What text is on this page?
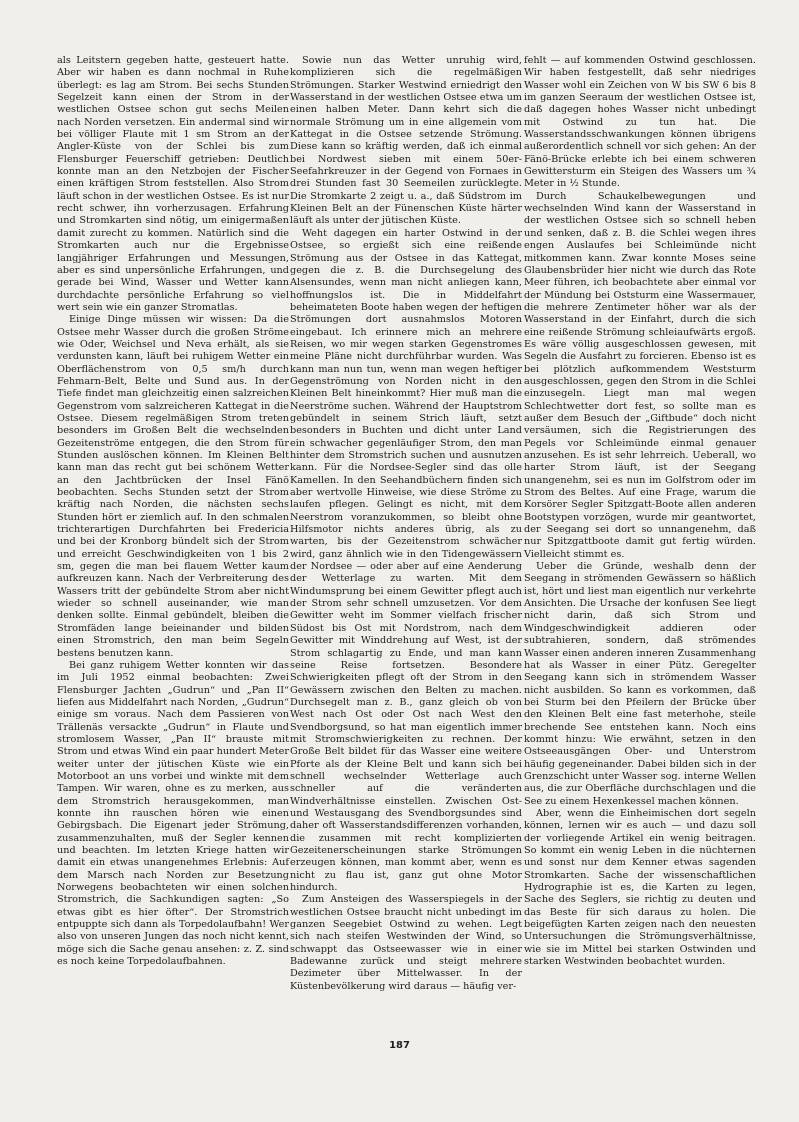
als Leitstern gegeben hatte, gesteuert hatte. Aber wir haben es dann nochmal in Ruhe überlegt: es lag am Strom. Bei sechs Stunden Segelzeit kann einen der Strom in der westlichen Ostsee schon gut sechs Meilen nach Norden versetzen. Ein andermal sind wir bei völliger Flaute mit 1 sm Strom an der Angler-Küste von der Schlei bis zum Flensburger Feuerschiff getrieben: Deutlich konnte man an den Netzbojen der Fischer einen kräftigen Strom feststellen. Also Strom läuft schon in der westlichen Ostsee. Es ist nur recht schwer, ihn vorherzusagen. Erfahrung und Stromkarten sind nötig, um einigermaßen damit zurecht zu kommen. Natürlich sind die Stromkarten auch nur die Ergebnisse langjähriger Erfahrungen und Messungen, aber es sind unpersönliche Erfahrungen, und gerade bei Wind, Wasser und Wetter kann durchdachte persönliche Erfahrung so viel wert sein wie ein ganzer Stromatlas.

Einige Dinge müssen wir wissen: Da die Ostsee mehr Wasser durch die großen Ströme wie Oder, Weichsel und Neva erhält, als sie verdunsten kann, läuft bei ruhigem Wetter ein Oberflächenstrom von 0,5 sm/h durch Fehmarn-Belt, Belte und Sund aus. In der Tiefe findet man gleichzeitig einen salzreichen Gegenstrom vom salzreicheren Kattegat in die Ostsee. Diesem regelmäßigen Strom treten besonders im Großen Belt die wechselnden Gezeitenströme entgegen, die den Strom für Stunden auslöschen können. Im Kleinen Belt kann man das recht gut bei schönem Wetter an den Jachtbrücken der Insel Fänö beobachten. Sechs Stunden setzt der Strom kräftig nach Norden, die nächsten sechs Stunden hört er ziemlich auf. In den schmalen trichterartigen Durchfahrten bei Fredericia und bei der Kronborg bündelt sich der Strom und erreicht Geschwindigkeiten von 1 bis 2 sm, gegen die man bei flauem Wetter kaum aufkreuzen kann. Nach der Verbreiterung des Wassers tritt der gebündelte Strom aber nicht wieder so schnell auseinander, wie man denken sollte. Einmal gebündelt, bleiben die Stromfäden lange beieinander und bilden einen Stromstrich, den man beim Segeln bestens benutzen kann.

Bei ganz ruhigem Wetter konnten wir das im Juli 1952 einmal beobachten: Zwei Flensburger Jachten „Gudrun“ und „Pan II“ liefen aus Middelfahrt nach Norden, „Gudrun“ einige sm voraus. Nach dem Passieren von Trällenäs versackte „Gudrun“ in Flaute und stromlosem Wasser, „Pan II“ brauste mit Strom und etwas Wind ein paar hundert Meter weiter unter der jütischen Küste wie ein Motorboot an uns vorbei und winkte mit dem Tampen. Wir waren, ohne es zu merken, aus dem Stromstrich herausgekommen, man konnte ihn rauschen hören wie einen Gebirgsbach. Die Eigenart jeder Strömung, zusammenzuhalten, muß der Segler kennen und beachten. Im letzten Kriege hatten wir damit ein etwas unangenehmes Erlebnis: Auf dem Marsch nach Norden zur Besetzung Norwegens beobachteten wir einen solchen Stromstrich, die Sachkundigen sagten: „So etwas gibt es hier öfter“. Der Stromstrich entpuppte sich dann als Torpedolaufbahn! Wer also von unseren Jungen das noch nicht kennt, möge sich die Sache genau ansehen: z. Z. sind es noch keine Torpedolaufbahnen.

Sowie nun das Wetter unruhig wird, komplizieren sich die regelmäßigen Strömungen. Starker Westwind erniedrigt den Wasserstand in der westlichen Ostsee etwa um einen halben Meter. Dann kehrt sich die normale Strömung um in eine allgemein vom Kattegat in die Ostsee setzende Strömung. Diese kann so kräftig werden, daß ich einmal bei Nordwest sieben mit einem 50er-Seefahrkreuzer in der Gegend von Fornaes in drei Stunden fast 30 Seemeilen zurücklegte. Die Stromkarte 2 zeigt u. a., daß Südstrom im Kleinen Belt an der Fünenschen Küste härter läuft als unter der jütischen Küste.

Weht dagegen ein harter Ostwind in der Ostsee, so ergießt sich eine reißende Strömung aus der Ostsee in das Kattegat, gegen die z. B. die Durchsegelung des Alsensundes, wenn man nicht anliegen kann, hoffnungslos ist. Die in Middelfahrt beheimateten Boote haben wegen der heftigen Strömungen dort ausnahmslos Motoren eingebaut. Ich erinnere mich an mehrere Reisen, wo mir wegen starken Gegenstromes meine Pläne nicht durchführbar wurden. Was kann man nun tun, wenn man wegen heftiger Gegenströmung von Norden nicht in den Kleinen Belt hineinkommt? Hier muß man die Neerströme suchen. Während der Hauptstrom gebündelt in seinem Strich läuft, setzt besonders in Buchten und dicht unter Land ein schwacher gegenläufiger Strom, den man hinter dem Stromstrich suchen und ausnutzen kann. Für die Nordsee-Segler sind das olle Kamellen. In den Seehandbüchern finden sich aber wertvolle Hinweise, wie diese Ströme zu laufen pflegen. Gelingt es nicht, mit dem Neerstrom voranzukommen, so bleibt ohne Hilfsmotor nichts anderes übrig, als zu warten, bis der Gezeitenstrom schwächer wird, ganz ähnlich wie in den Tidengewässern der Nordsee — oder aber auf eine Aenderung der Wetterlage zu warten. Mit dem Windumsprung bei einem Gewitter pflegt auch der Strom sehr schnell umzusetzen. Vor dem Gewitter weht im Sommer vielfach frischer Südost bis Ost mit Nordstrom, nach dem Gewitter mit Winddrehung auf West, ist der Strom schlagartig zu Ende, und man kann seine Reise fortsetzen. Besondere Schwierigkeiten pflegt oft der Strom in den Gewässern zwischen den Belten zu machen. Durchsegelt man z. B., ganz gleich ob von West nach Ost oder Ost nach West den Svendborgsund, so hat man eigentlich immer mit Stromschwierigkeiten zu rechnen. Der Große Belt bildet für das Wasser eine weitere Pforte als der Kleine Belt und kann sich bei schnell wechselnder Wetterlage auch schneller auf die veränderten Windverhältnisse einstellen. Zwischen Ost- und Westausgang des Svendborgsundes sind daher oft Wasserstandsdifferenzen vorhanden, die zusammen mit recht komplizierten Gezeitenerscheinungen starke Strömungen erzeugen können, man kommt aber, wenn es nicht zu flau ist, ganz gut ohne Motor hindurch.

Zum Ansteigen des Wasserspiegels in der westlichen Ostsee braucht nicht unbedingt im ganzen Seegebiet Ostwind zu wehen. Legt sich nach steifen Westwinden der Wind, so schwappt das Ostseewasser wie in einer Badewanne zurück und steigt mehrere Dezimeter über Mittelwasser. In der Küstenbevölkerung wird daraus — häufig ver-

fehlt — auf kommenden Ostwind geschlossen. Wir haben festgestellt, daß sehr niedriges Wasser wohl ein Zeichen von W bis SW 6 bis 8 im ganzen Seeraum der westlichen Ostsee ist, daß dagegen hohes Wasser nicht unbedingt mit Ostwind zu tun hat. Die Wasserstandsschwankungen können übrigens außerordentlich schnell vor sich gehen: An der Fänö-Brücke erlebte ich bei einem schweren Gewittersturm ein Steigen des Wassers um ¾ Meter in ½ Stunde.

Durch Schaukelbewegungen und wechselnden Wind kann der Wasserstand in der westlichen Ostsee sich so schnell heben und senken, daß z. B. die Schlei wegen ihres engen Auslaufes bei Schleimünde nicht mitkommen kann. Zwar konnte Moses seine Glaubensbrüder hier nicht wie durch das Rote Meer führen, ich beobachtete aber einmal vor der Mündung bei Oststurm eine Wassermauer, die mehrere Zentimeter höher war als der Wasserstand in der Einfahrt, durch die sich eine reißende Strömung schleiaufwärts ergoß. Es wäre völlig ausgeschlossen gewesen, mit Segeln die Ausfahrt zu forcieren. Ebenso ist es bei plötzlich aufkommendem Weststurm ausgeschlossen, gegen den Strom in die Schlei einzusegeln. Liegt man mal wegen Schlechtwetter dort fest, so sollte man es außer dem Besuch der „Giftbude“ doch nicht versäumen, sich die Registrierungen des Pegels vor Schleimünde einmal genauer anzusehen. Es ist sehr lehrreich. Ueberall, wo harter Strom läuft, ist der Seegang unangenehm, sei es nun im Golfstrom oder im Strom des Beltes. Auf eine Frage, warum die Korsörer Segler Spitzgatt-Boote allen anderen Bootstypen vorzögen, wurde mir geantwortet, der Seegang sei dort so unnangenehm, daß nur Spitzgattboote damit gut fertig würden. Vielleicht stimmt es.

Ueber die Gründe, weshalb denn der Seegang in strömenden Gewässern so häßlich ist, hört und liest man eigentlich nur verkehrte Ansichten. Die Ursache der konfusen See liegt nicht darin, daß sich Strom und Windgeschwindigkeit addieren oder subtrahieren, sondern, daß strömendes Wasser einen anderen inneren Zusammenhang hat als Wasser in einer Pütz. Geregelter Seegang kann sich in strömendem Wasser nicht ausbilden. So kann es vorkommen, daß bei Sturm bei den Pfeilern der Brücke über den Kleinen Belt eine fast meterhohe, steile brechende See entstehen kann. Noch eins kommt hinzu: Wie erwähnt, setzen in den Ostseeausgängen Ober- und Unterstrom häufig gegeneinander. Dabei bilden sich in der Grenzschicht unter Wasser sog. interne Wellen aus, die zur Oberfläche durchschlagen und die See zu einem Hexenkessel machen können.

Aber, wenn die Einheimischen dort segeln können, lernen wir es auch — und dazu soll der vorliegende Artikel ein wenig beitragen. So kommt ein wenig Leben in die nüchternen und sonst nur dem Kenner etwas sagenden Stromkarten. Sache der wissenschaftlichen Hydrographie ist es, die Karten zu legen, Sache des Seglers, sie richtig zu deuten und das Beste für sich daraus zu holen. Die beigefügten Karten zeigen nach den neuesten Untersuchungen die Strömungsverhältnisse, wie sie im Mittel bei starken Ostwinden und starken Westwinden beobachtet wurden.

187
